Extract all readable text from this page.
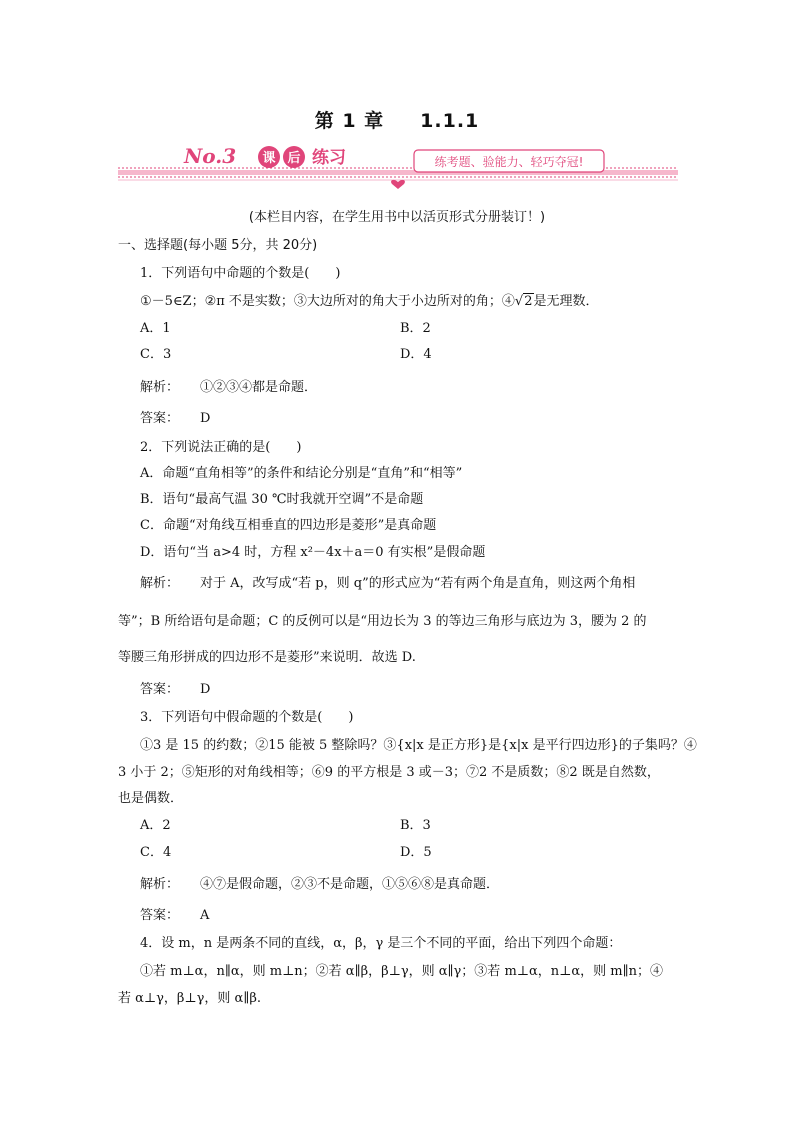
第 1 章 1.1.1
No.3 课 后 练习	练考题、验能力、轻巧夺冠!
(本栏目内容，在学生用书中以活页形式分册装订！)
一、选择题(每小题 5分，共 20分)
1．下列语句中命题的个数是(　　)
①－5∈Z；②π 不是实数；③大边所对的角大于小边所对的角；④√2是无理数．
A．1	B．2
C．3	D．4
解析： ①②③④都是命题．
答案： D
2．下列说法正确的是(　　)
A．命题“直角相等”的条件和结论分别是“直角”和“相等”
B．语句“最高气温 30 ℃时我就开空调”不是命题
C．命题“对角线互相垂直的四边形是菱形”是真命题
D．语句“当 a>4 时，方程 x²－4x＋a＝0 有实根”是假命题
解析： 对于 A，改写成“若 p，则 q”的形式应为“若有两个角是直角，则这两个角相
等”；B 所给语句是命题；C 的反例可以是“用边长为 3 的等边三角形与底边为 3，腰为 2 的
等腰三角形拼成的四边形不是菱形”来说明．故选 D.
答案： D
3．下列语句中假命题的个数是(　　)
①3 是 15 的约数；②15 能被 5 整除吗？③{x|x 是正方形}是{x|x 是平行四边形}的子集吗？④
3 小于 2；⑤矩形的对角线相等；⑥9 的平方根是 3 或－3；⑦2 不是质数；⑧2 既是自然数，
也是偶数．
A．2	B．3
C．4	D．5
解析： ④⑦是假命题，②③不是命题，①⑤⑥⑧是真命题．
答案： A
4．设 m，n 是两条不同的直线，α，β，γ 是三个不同的平面，给出下列四个命题：
①若 m⊥α，n∥α，则 m⊥n；②若 α∥β，β⊥γ，则 α∥γ；③若 m⊥α，n⊥α，则 m∥n；④
若 α⊥γ，β⊥γ，则 α∥β.
